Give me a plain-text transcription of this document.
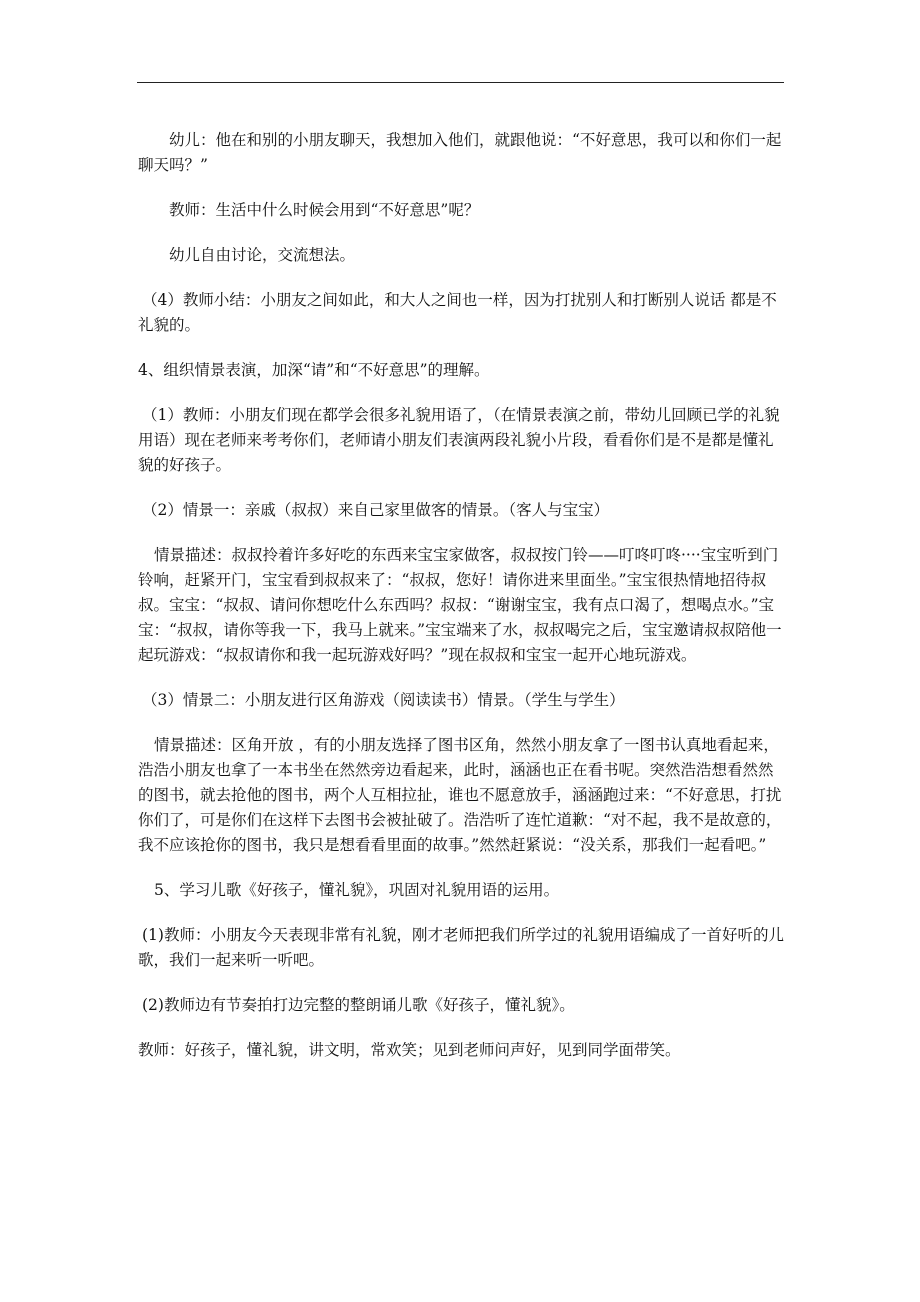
幼儿：他在和别的小朋友聊天，我想加入他们，就跟他说：“不好意思，我可以和你们一起聊天吗？”

教师：生活中什么时候会用到“不好意思”呢？

幼儿自由讨论，交流想法。

（4）教师小结：小朋友之间如此，和大人之间也一样，因为打扰别人和打断别人说话 都是不礼貌的。

4、组织情景表演，加深“请”和“不好意思”的理解。

（1）教师：小朋友们现在都学会很多礼貌用语了，（在情景表演之前，带幼儿回顾已学的礼貌用语）现在老师来考考你们，老师请小朋友们表演两段礼貌小片段，看看你们是不是都是懂礼貌的好孩子。

（2）情景一：亲戚（叔叔）来自己家里做客的情景。（客人与宝宝）

情景描述：叔叔拎着许多好吃的东西来宝宝家做客，叔叔按门铃——叮咚叮咚····宝宝听到门铃响，赶紧开门，宝宝看到叔叔来了：“叔叔，您好！请你进来里面坐。”宝宝很热情地招待叔叔。宝宝：“叔叔、请问你想吃什么东西吗？叔叔：“谢谢宝宝，我有点口渴了，想喝点水。”宝宝：“叔叔，请你等我一下，我马上就来。”宝宝端来了水，叔叔喝完之后，宝宝邀请叔叔陪他一起玩游戏：“叔叔请你和我一起玩游戏好吗？”现在叔叔和宝宝一起开心地玩游戏。

（3）情景二：小朋友进行区角游戏（阅读读书）情景。（学生与学生）

情景描述：区角开放 ，有的小朋友选择了图书区角，然然小朋友拿了一图书认真地看起来，浩浩小朋友也拿了一本书坐在然然旁边看起来，此时，涵涵也正在看书呢。突然浩浩想看然然的图书，就去抢他的图书，两个人互相拉扯，谁也不愿意放手，涵涵跑过来：“不好意思，打扰你们了，可是你们在这样下去图书会被扯破了。浩浩听了连忙道歉：“对不起，我不是故意的，我不应该抢你的图书，我只是想看看里面的故事。”然然赶紧说：“没关系，那我们一起看吧。”

5、学习儿歌《好孩子，懂礼貌》，巩固对礼貌用语的运用。

(1)教师：小朋友今天表现非常有礼貌，刚才老师把我们所学过的礼貌用语编成了一首好听的儿歌，我们一起来听一听吧。

(2)教师边有节奏拍打边完整的整朗诵儿歌《好孩子，懂礼貌》。

教师：好孩子，懂礼貌，讲文明，常欢笑；见到老师问声好，见到同学面带笑。
